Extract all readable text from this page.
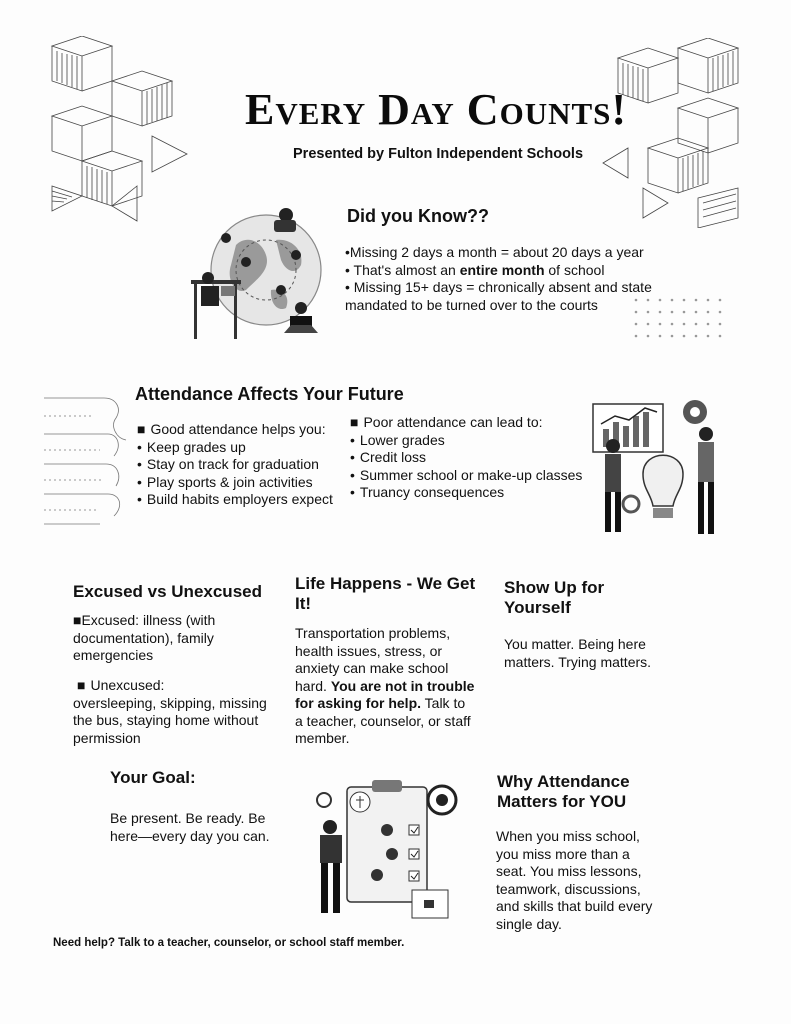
Every Day Counts!
Presented by Fulton Independent Schools
Did you Know??
•Missing 2 days a month = about 20 days a year
• That's almost an entire month of school
• Missing 15+ days = chronically absent and state
mandated to be turned over to the courts
Attendance Affects Your Future
■ Good attendance helps you:
• Keep grades up
• Stay on track for graduation
• Play sports & join activities
• Build habits employers expect
■ Poor attendance can lead to:
• Lower grades
• Credit loss
• Summer school or make-up classes
• Truancy consequences
Excused vs Unexcused
■Excused: illness (with documentation), family emergencies
■ Unexcused:
oversleeping, skipping, missing the bus, staying home without permission
Life Happens - We Get It!
Transportation problems, health issues, stress, or anxiety can make school hard. You are not in trouble for asking for help. Talk to a teacher, counselor, or staff member.
Show Up for Yourself
You matter. Being here matters. Trying matters.
Your Goal:
Be present. Be ready. Be here—every day you can.
Why Attendance Matters for YOU
When you miss school, you miss more than a seat. You miss lessons, teamwork, discussions, and skills that build every single day.
Need help? Talk to a teacher, counselor, or school staff member.
